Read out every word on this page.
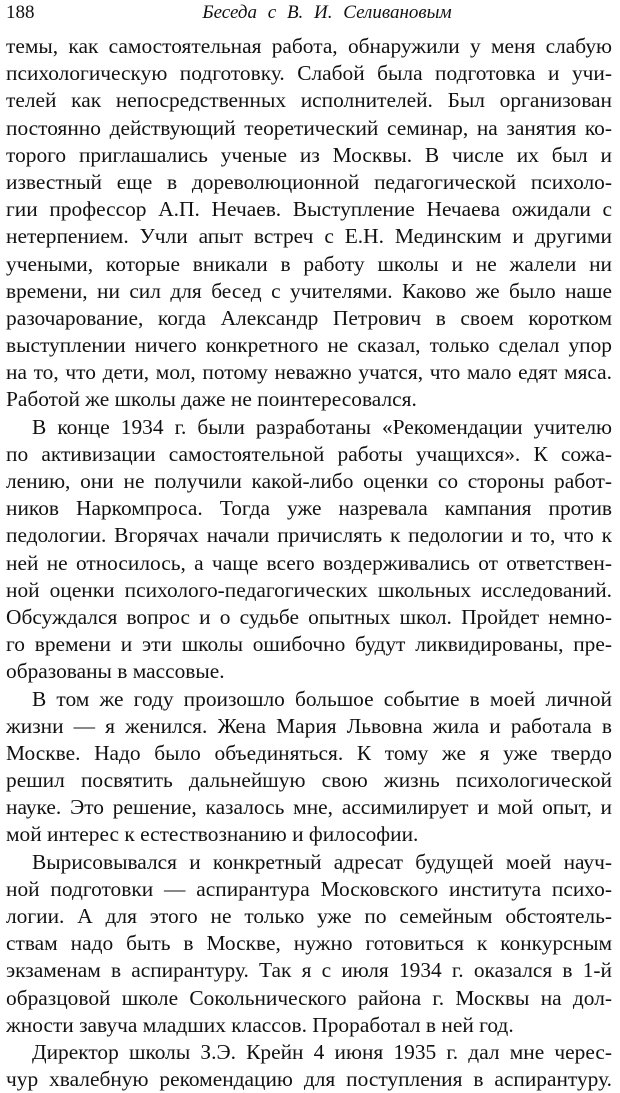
188	Беседа с В. И. Селивановым
темы, как самостоятельная работа, обнаружили у меня слабую
психологическую подготовку. Слабой была подготовка и учи-
телей как непосредственных исполнителей. Был организован
постоянно действующий теоретический семинар, на занятия ко-
торого приглашались ученые из Москвы. В числе их был и
известный еще в дореволюционной педагогической психоло-
гии профессор А.П. Нечаев. Выступление Нечаева ожидали с
нетерпением. Учли апыт встреч с Е.Н. Мединским и другими
учеными, которые вникали в работу школы и не жалели ни
времени, ни сил для бесед с учителями. Каково же было наше
разочарование, когда Александр Петрович в своем коротком
выступлении ничего конкретного не сказал, только сделал упор
на то, что дети, мол, потому неважно учатся, что мало едят мяса.
Работой же школы даже не поинтересовался.
В конце 1934 г. были разработаны «Рекомендации учителю
по активизации самостоятельной работы учащихся». К сожа-
лению, они не получили какой-либо оценки со стороны работ-
ников Наркомпроса. Тогда уже назревала кампания против
педологии. Вгорячах начали причислять к педологии и то, что к
ней не относилось, а чаще всего воздерживались от ответствен-
ной оценки психолого-педагогических школьных исследований.
Обсуждался вопрос и о судьбе опытных школ. Пройдет немно-
го времени и эти школы ошибочно будут ликвидированы, пре-
образованы в массовые.
В том же году произошло большое событие в моей личной
жизни — я женился. Жена Мария Львовна жила и работала в
Москве. Надо было объединяться. К тому же я уже твердо
решил посвятить дальнейшую свою жизнь психологической
науке. Это решение, казалось мне, ассимилирует и мой опыт, и
мой интерес к естествознанию и философии.
Вырисовывался и конкретный адресат будущей моей науч-
ной подготовки — аспирантура Московского института психо-
логии. А для этого не только уже по семейным обстоятель-
ствам надо быть в Москве, нужно готовиться к конкурсным
экзаменам в аспирантуру. Так я с июля 1934 г. оказался в 1-й
образцовой школе Сокольнического района г. Москвы на дол-
жности завуча младших классов. Проработал в ней год.
Директор школы З.Э. Крейн 4 июня 1935 г. дал мне черес-
чур хвалебную рекомендацию для поступления в аспирантуру.
